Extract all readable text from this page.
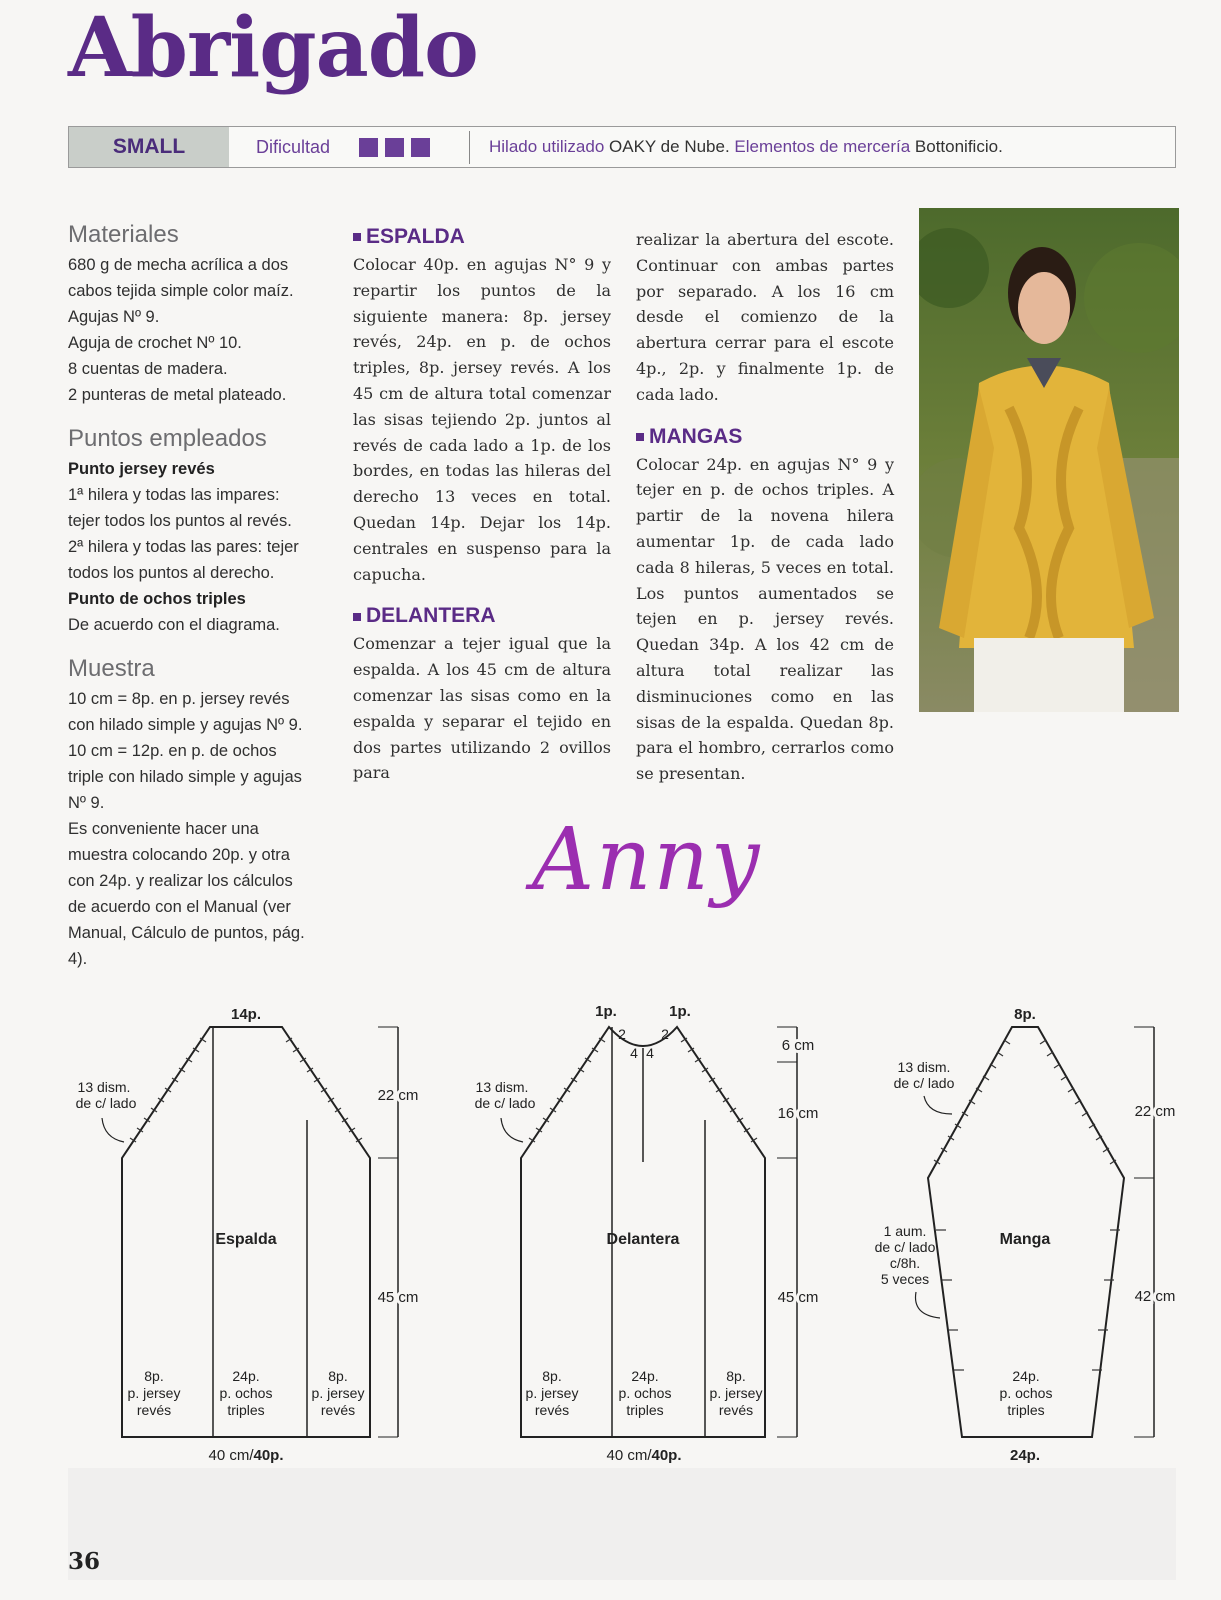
Abrigado
SMALL	Dificultad	Hilado utilizado OAKY de Nube. Elementos de mercería Bottonificio.
Materiales

680 g de mecha acrílica a dos cabos tejida simple color maíz.

Agujas Nº 9.

Aguja de crochet Nº 10.

8 cuentas de madera.

2 punteras de metal plateado.

Puntos empleados

Punto jersey revés

1ª hilera y todas las impares: tejer todos los puntos al revés.

2ª hilera y todas las pares: tejer todos los puntos al derecho.

Punto de ochos triples

De acuerdo con el diagrama.

Muestra

10 cm = 8p. en p. jersey revés con hilado simple y agujas Nº 9.

10 cm = 12p. en p. de ochos triple con hilado simple y agujas Nº 9.

Es conveniente hacer una muestra colocando 20p. y otra con 24p. y realizar los cálculos de acuerdo con el Manual (ver Manual, Cálculo de puntos, pág. 4).

ESPALDA

Colocar 40p. en agujas N° 9 y repartir los puntos de la siguiente manera: 8p. jersey revés, 24p. en p. de ochos triples, 8p. jersey revés. A los 45 cm de altura total comenzar las sisas tejiendo 2p. juntos al revés de cada lado a 1p. de los bordes, en todas las hileras del derecho 13 veces en total. Quedan 14p. Dejar los 14p. centrales en suspenso para la capucha.

DELANTERA

Comenzar a tejer igual que la espalda. A los 45 cm de altura comenzar las sisas como en la espalda y separar el tejido en dos partes utilizando 2 ovillos para

realizar la abertura del escote. Continuar con ambas partes por separado. A los 16 cm desde el comienzo de la abertura cerrar para el escote 4p., 2p. y finalmente 1p. de cada lado.

MANGAS

Colocar 24p. en agujas N° 9 y tejer en p. de ochos triples. A partir de la novena hilera aumentar 1p. de cada lado cada 8 hileras, 5 veces en total. Los puntos aumentados se tejen en p. jersey revés. Quedan 34p. A los 42 cm de altura total realizar las disminuciones como en las sisas de la espalda. Quedan 8p. para el hombro, cerrarlos como se presentan.

Anny
14p.
13 dism.
de c/ lado
Espalda
8p.
p. jersey
revés
24p.
p. ochos
triples
8p.
p. jersey
revés
40 cm/40p.
22 cm
45 cm
1p.	1p.
2
4 4
2
13 dism.
de c/ lado
Delantera
8p.
p. jersey
revés
24p.
p. ochos
triples
8p.
p. jersey
revés
40 cm/40p.
6 cm
16 cm
45 cm
8p.
13 dism.
de c/ lado
Manga
1 aum.
de c/ lado
c/8h.
5 veces
24p.
p. ochos
triples
24p.
22 cm
42 cm
36
